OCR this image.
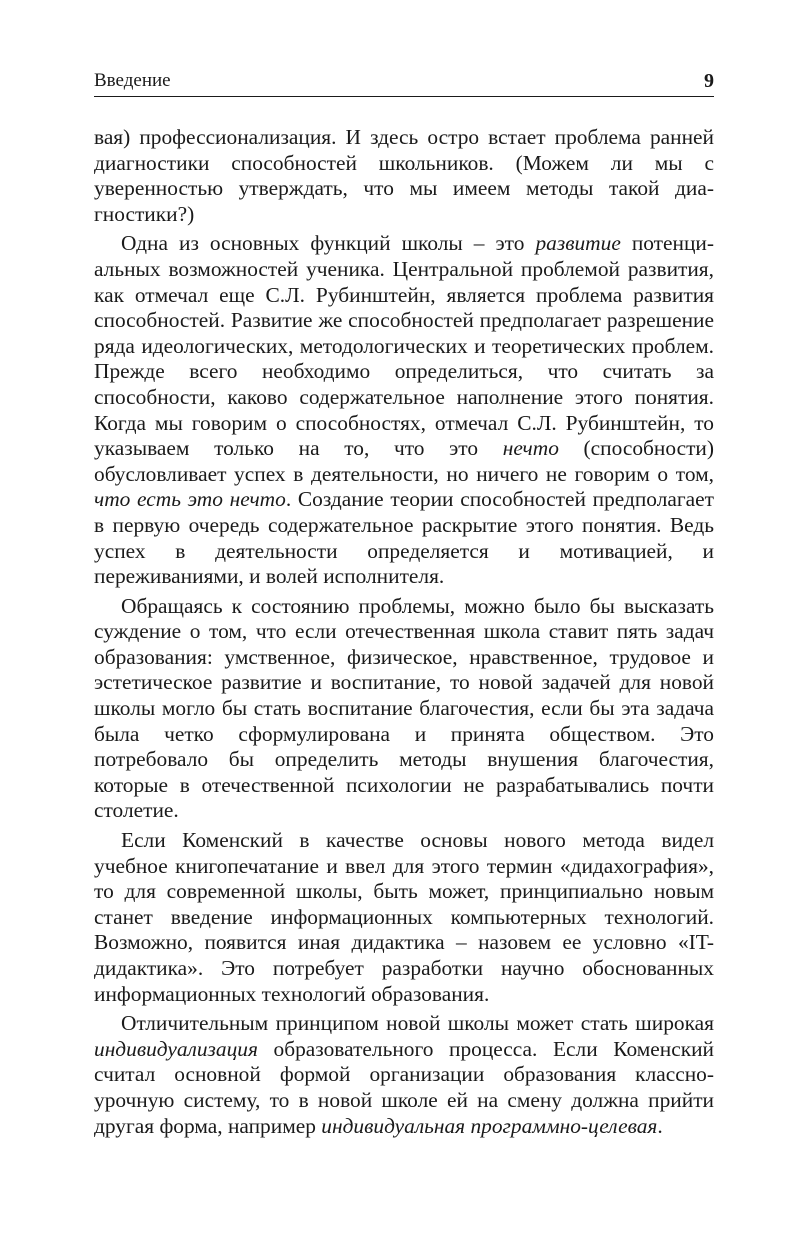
Введение	9

вая) профессионализация. И здесь остро встает проблема ранней диагностики способностей школьников. (Можем ли мы с уверенностью утверждать, что мы имеем методы такой диагностики?)

Одна из основных функций школы – это развитие потенциальных возможностей ученика. Центральной проблемой развития, как отмечал еще С.Л. Рубинштейн, является проблема развития способностей. Развитие же способностей предполагает разрешение ряда идеологических, методологических и теоретических проблем. Прежде всего необходимо определиться, что считать за способности, каково содержательное наполнение этого понятия. Когда мы говорим о способностях, отмечал С.Л. Рубинштейн, то указываем только на то, что это нечто (способности) обусловливает успех в деятельности, но ничего не говорим о том, что есть это нечто. Создание теории способностей предполагает в первую очередь содержательное раскрытие этого понятия. Ведь успех в деятельности определяется и мотивацией, и переживаниями, и волей исполнителя.

Обращаясь к состоянию проблемы, можно было бы высказать суждение о том, что если отечественная школа ставит пять задач образования: умственное, физическое, нравственное, трудовое и эстетическое развитие и воспитание, то новой задачей для новой школы могло бы стать воспитание благочестия, если бы эта задача была четко сформулирована и принята обществом. Это потребовало бы определить методы внушения благочестия, которые в отечественной психологии не разрабатывались почти столетие.

Если Коменский в качестве основы нового метода видел учебное книгопечатание и ввел для этого термин «дидахография», то для современной школы, быть может, принципиально новым станет введение информационных компьютерных технологий. Возможно, появится иная дидактика – назовем ее условно «IT-дидактика». Это потребует разработки научно обоснованных информационных технологий образования.

Отличительным принципом новой школы может стать широкая индивидуализация образовательного процесса. Если Коменский считал основной формой организации образования классно-урочную систему, то в новой школе ей на смену должна прийти другая форма, например индивидуальная программно-целевая.
